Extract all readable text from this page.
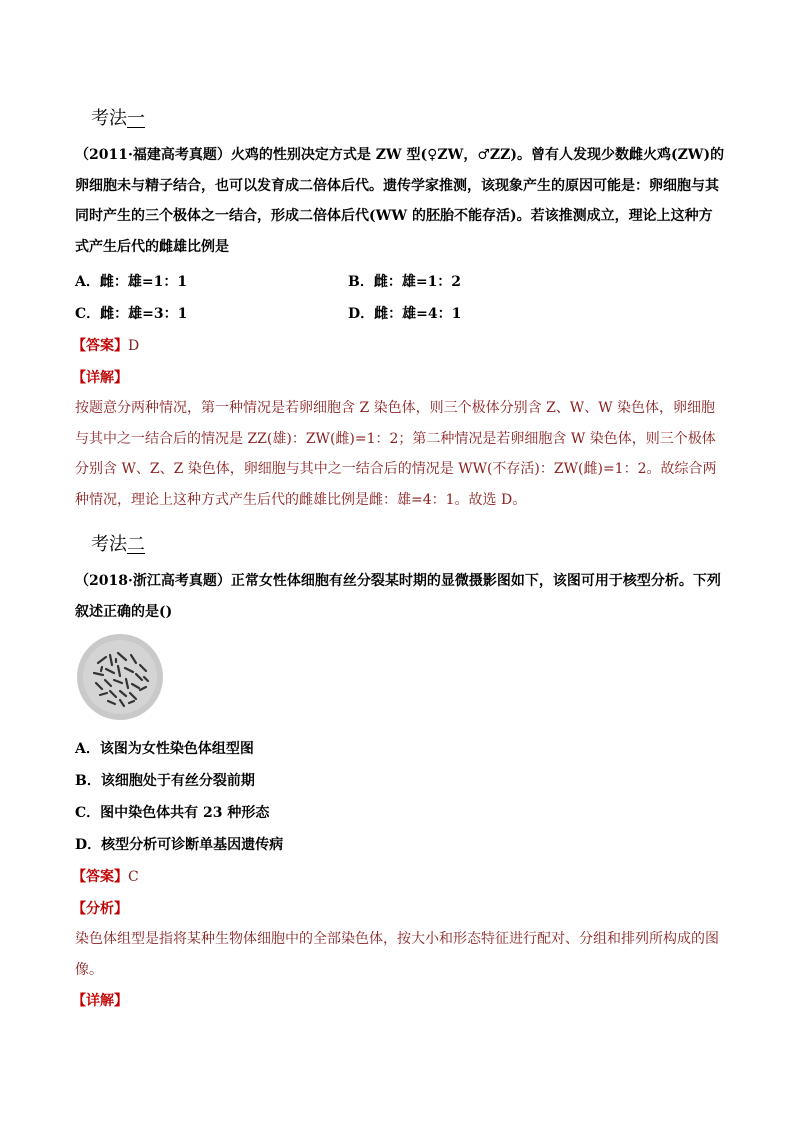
考法一
（2011·福建高考真题）火鸡的性别决定方式是 ZW 型(♀ZW，♂ZZ)。曾有人发现少数雌火鸡(ZW)的卵细胞未与精子结合，也可以发育成二倍体后代。遗传学家推测，该现象产生的原因可能是：卵细胞与其同时产生的三个极体之一结合，形成二倍体后代(WW 的胚胎不能存活)。若该推测成立，理论上这种方式产生后代的雌雄比例是
A．雌：雄=1：1	B．雌：雄=1：2
C．雌：雄=3：1	D．雌：雄=4：1
【答案】D
【详解】
按题意分两种情况，第一种情况是若卵细胞含 Z 染色体，则三个极体分别含 Z、W、W 染色体，卵细胞与其中之一结合后的情况是 ZZ(雄)：ZW(雌)=1：2；第二种情况是若卵细胞含 W 染色体，则三个极体分别含 W、Z、Z 染色体，卵细胞与其中之一结合后的情况是 WW(不存活)：ZW(雌)=1：2。故综合两种情况，理论上这种方式产生后代的雌雄比例是雌：雄=4：1。故选 D。
考法二
（2018·浙江高考真题）正常女性体细胞有丝分裂某时期的显微摄影图如下，该图可用于核型分析。下列叙述正确的是()
A．该图为女性染色体组型图
B．该细胞处于有丝分裂前期
C．图中染色体共有 23 种形态
D．核型分析可诊断单基因遗传病
【答案】C
【分析】
染色体组型是指将某种生物体细胞中的全部染色体，按大小和形态特征进行配对、分组和排列所构成的图像。
【详解】
